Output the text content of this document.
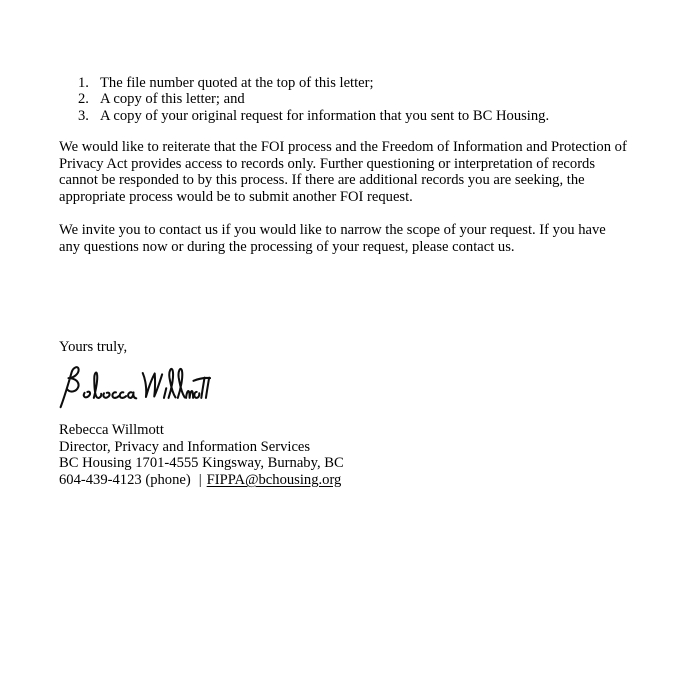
1. The file number quoted at the top of this letter;
2. A copy of this letter; and
3. A copy of your original request for information that you sent to BC Housing.
We would like to reiterate that the FOI process and the Freedom of Information and Protection of
Privacy Act provides access to records only. Further questioning or interpretation of records
cannot be responded to by this process. If there are additional records you are seeking, the
appropriate process would be to submit another FOI request.
We invite you to contact us if you would like to narrow the scope of your request. If you have
any questions now or during the processing of your request, please contact us.
Yours truly,
Rebecca Willmott
Director, Privacy and Information Services
BC Housing 1701-4555 Kingsway, Burnaby, BC
604-439-4123 (phone) | FIPPA@bchousing.org
